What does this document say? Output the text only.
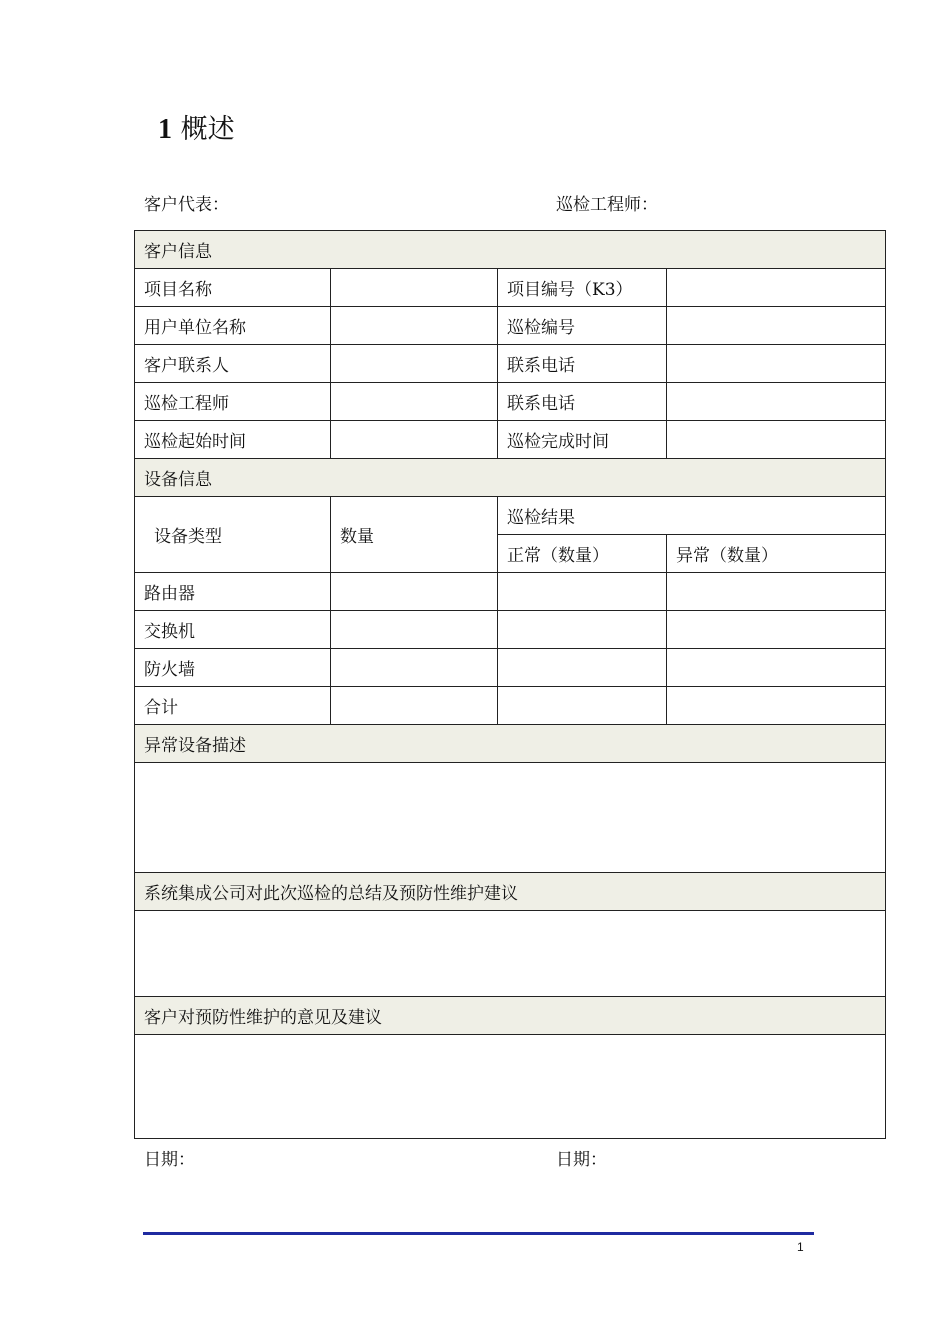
1 概述
客户代表：	巡检工程师：
客户信息			
项目名称		项目编号（K3）	
用户单位名称		巡检编号	
客户联系人		联系电话	
巡检工程师		联系电话	
巡检起始时间		巡检完成时间	
设备信息			
设备类型	数量	巡检结果	
		正常（数量）	异常（数量）
路由器			
交换机			
防火墙			
合计			
异常设备描述			

系统集成公司对此次巡检的总结及预防性维护建议			

客户对预防性维护的意见及建议			

日期：	日期：
1
